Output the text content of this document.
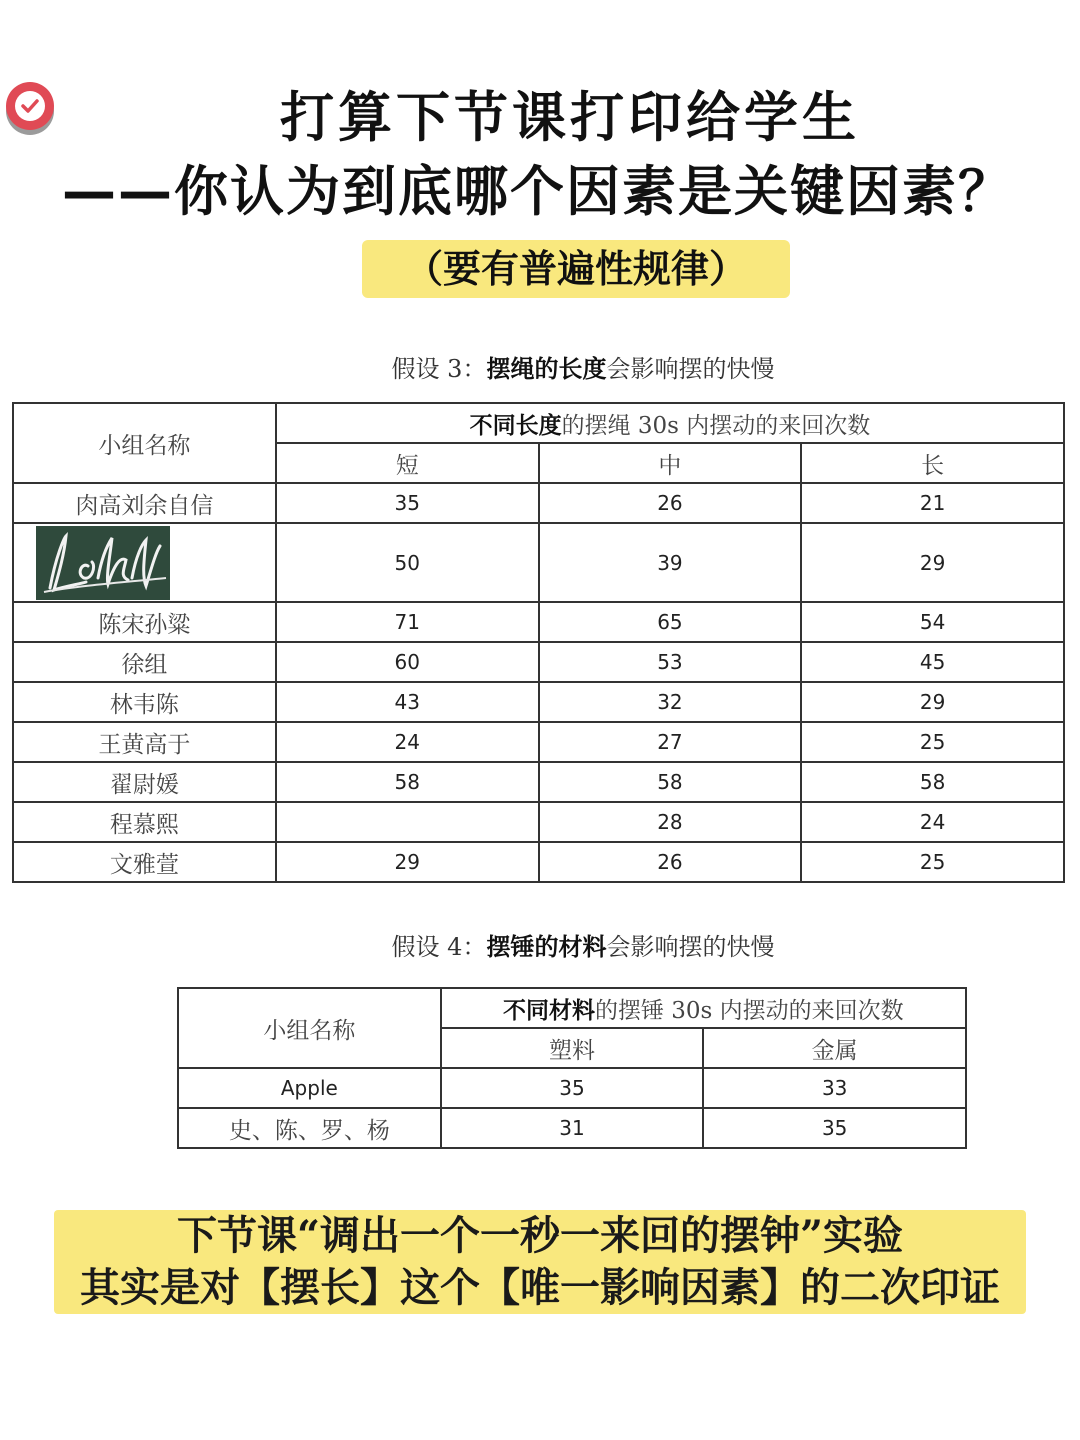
打算下节课打印给学生
——你认为到底哪个因素是关键因素？
（要有普遍性规律）
假设 3：摆绳的长度会影响摆的快慢
小组名称	不同长度的摆绳 30s 内摆动的来回次数		
	短	中	长
肉高刘余自信	35	26	21

	50	39	29
陈宋孙粱	71	65	54
徐组	60	53	45
林韦陈	43	32	29
王黄高于	24	27	25
翟尉媛	58	58	58
程慕熙		28	24
文雅萱	29	26	25
假设 4：摆锤的材料会影响摆的快慢
小组名称	不同材料的摆锤 30s 内摆动的来回次数	
	塑料	金属
Apple	35	33
史、陈、罗、杨	31	35
下节课“调出一个一秒一来回的摆钟”实验
其实是对【摆长】这个【唯一影响因素】的二次印证
